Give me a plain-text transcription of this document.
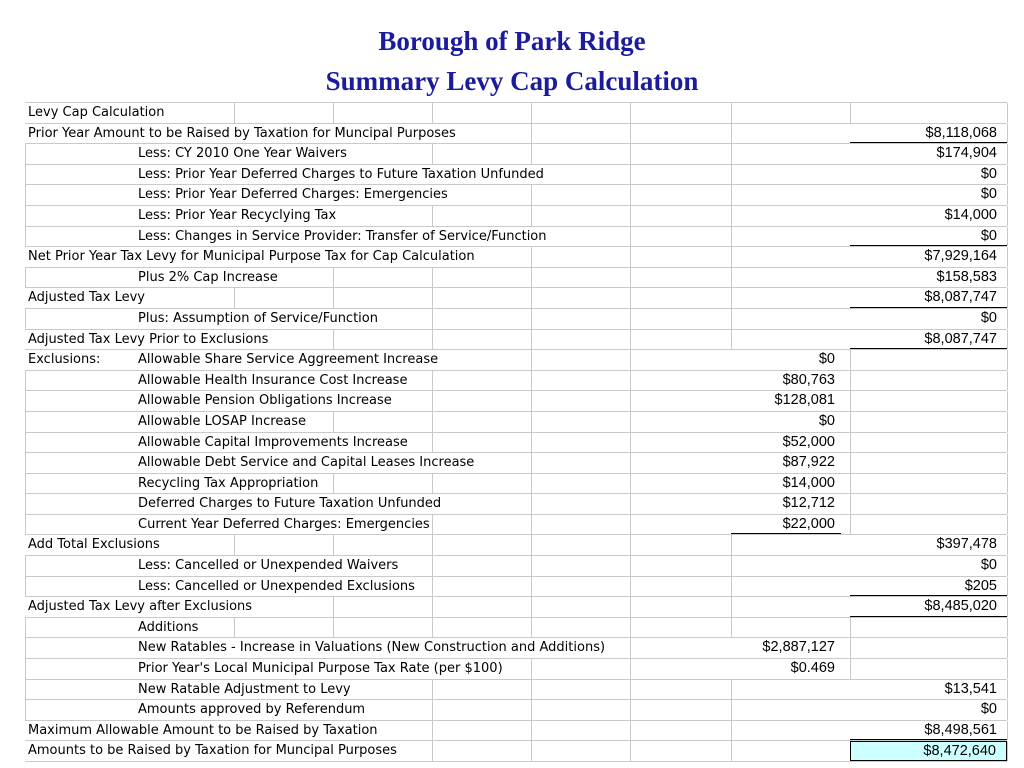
Borough of Park Ridge
Summary Levy Cap Calculation
Levy Cap Calculation
Prior Year Amount to be Raised by Taxation for Muncipal Purposes	$8,118,068
Less: CY 2010 One Year Waivers	$174,904
Less: Prior Year Deferred Charges to Future Taxation Unfunded	$0
Less: Prior Year Deferred Charges: Emergencies	$0
Less: Prior Year Recyclying Tax	$14,000
Less: Changes in Service Provider: Transfer of Service/Function	$0
Net Prior Year Tax Levy for Municipal Purpose Tax for Cap Calculation	$7,929,164
Plus 2% Cap Increase	$158,583
Adjusted Tax Levy	$8,087,747
Plus: Assumption of Service/Function	$0
Adjusted Tax Levy Prior to Exclusions	$8,087,747
Exclusions:	Allowable Share Service Aggreement Increase	$0
Allowable Health Insurance Cost Increase	$80,763
Allowable Pension Obligations Increase	$128,081
Allowable LOSAP Increase	$0
Allowable Capital Improvements Increase	$52,000
Allowable Debt Service and Capital Leases Increase	$87,922
Recycling Tax Appropriation	$14,000
Deferred Charges to Future Taxation Unfunded	$12,712
Current Year Deferred Charges: Emergencies	$22,000
Add Total Exclusions	$397,478
Less: Cancelled or Unexpended Waivers	$0
Less: Cancelled or Unexpended Exclusions	$205
Adjusted Tax Levy after Exclusions	$8,485,020
Additions
New Ratables - Increase in Valuations (New Construction and Additions)	$2,887,127
Prior Year's Local Municipal Purpose Tax Rate (per $100)	$0.469
New Ratable Adjustment to Levy	$13,541
Amounts approved by Referendum	$0
Maximum Allowable Amount to be Raised by Taxation	$8,498,561
Amounts to be Raised by Taxation for Muncipal Purposes	$8,472,640
